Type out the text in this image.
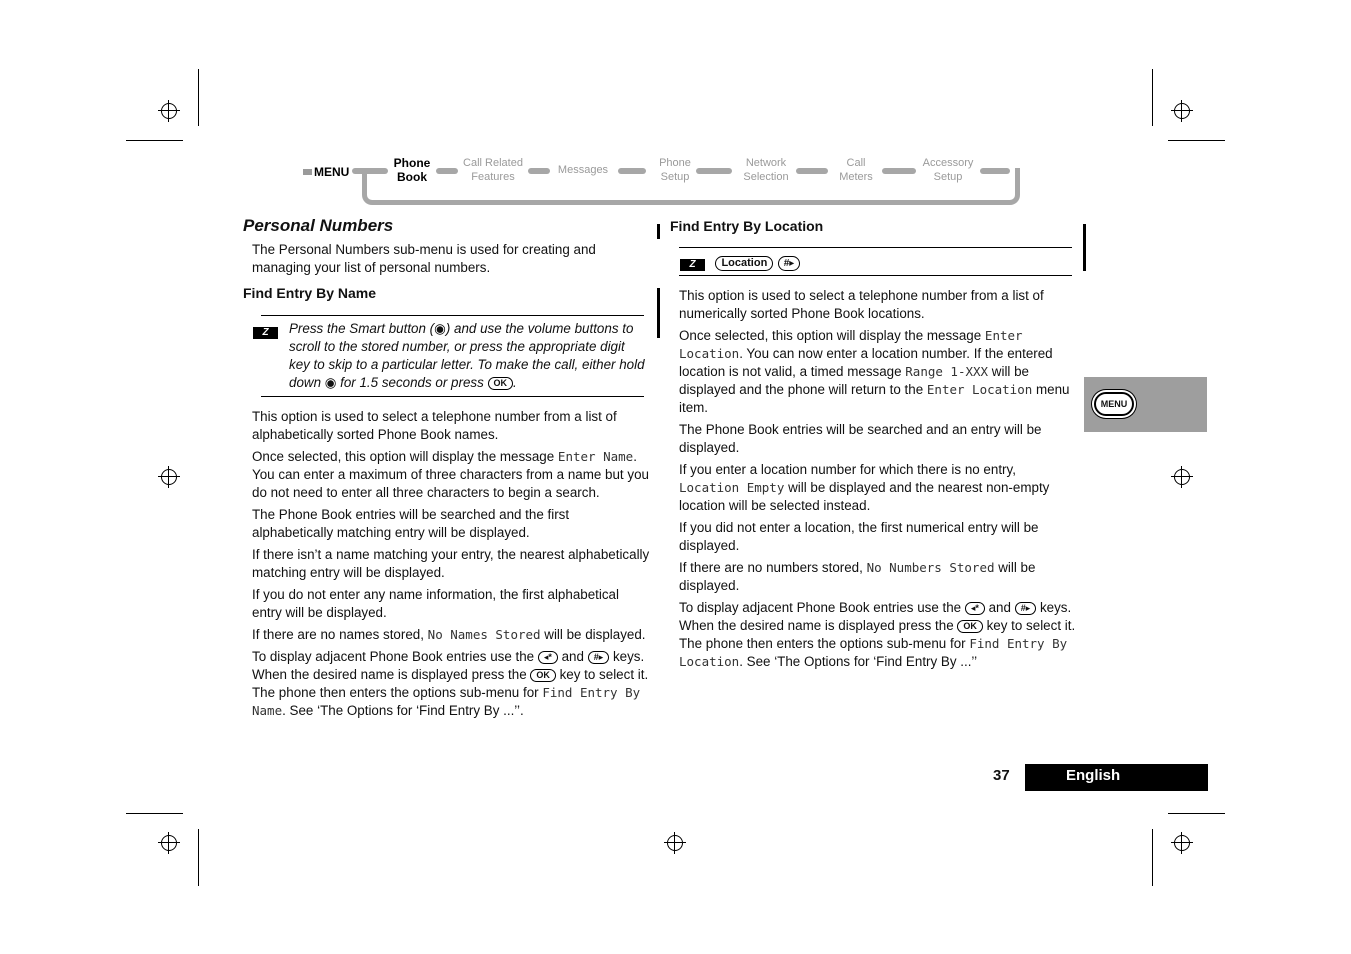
MENU
Phone
Book
Call Related
Features
Messages
Phone
Setup
Network
Selection
Call
Meters
Accessory
Setup
Personal Numbers
The Personal Numbers sub-menu is used for creating and managing your list of personal numbers.
Find Entry By Name
Z	Press the Smart button (◉) and use the volume buttons to scroll to the stored number, or press the appropriate digit key to skip to a particular letter. To make the call, either hold down ◉ for 1.5 seconds or press OK .

This option is used to select a telephone number from a list of alphabetically sorted Phone Book names.

Once selected, this option will display the message Enter Name. You can enter a maximum of three characters from a name but you do not need to enter all three characters to begin a search.

The Phone Book entries will be searched and the first alphabetically matching entry will be displayed.

If there isn’t a name matching your entry, the nearest alphabetically matching entry will be displayed.

If you do not enter any name information, the first alphabetical entry will be displayed.

If there are no names stored, No Names Stored will be displayed.

To display adjacent Phone Book entries use the ◂* and #▸ keys. When the desired name is displayed press the OK key to select it. The phone then enters the options sub-menu for Find Entry By Name. See ‘The Options for ‘Find Entry By ...’’.

Find Entry By Location
Z Location #▸

This option is used to select a telephone number from a list of numerically sorted Phone Book locations.

Once selected, this option will display the message Enter Location. You can now enter a location number. If the entered location is not valid, a timed message Range 1-XXX will be displayed and the phone will return to the Enter Location menu item.

The Phone Book entries will be searched and an entry will be displayed.

If you enter a location number for which there is no entry, Location Empty will be displayed and the nearest non-empty location will be selected instead.

If you did not enter a location, the first numerical entry will be displayed.

If there are no numbers stored, No Numbers Stored will be displayed.

To display adjacent Phone Book entries use the ◂* and #▸ keys. When the desired name is displayed press the OK key to select it. The phone then enters the options sub-menu for Find Entry By Location. See ‘The Options for ‘Find Entry By ...’’

MENU
37	English
